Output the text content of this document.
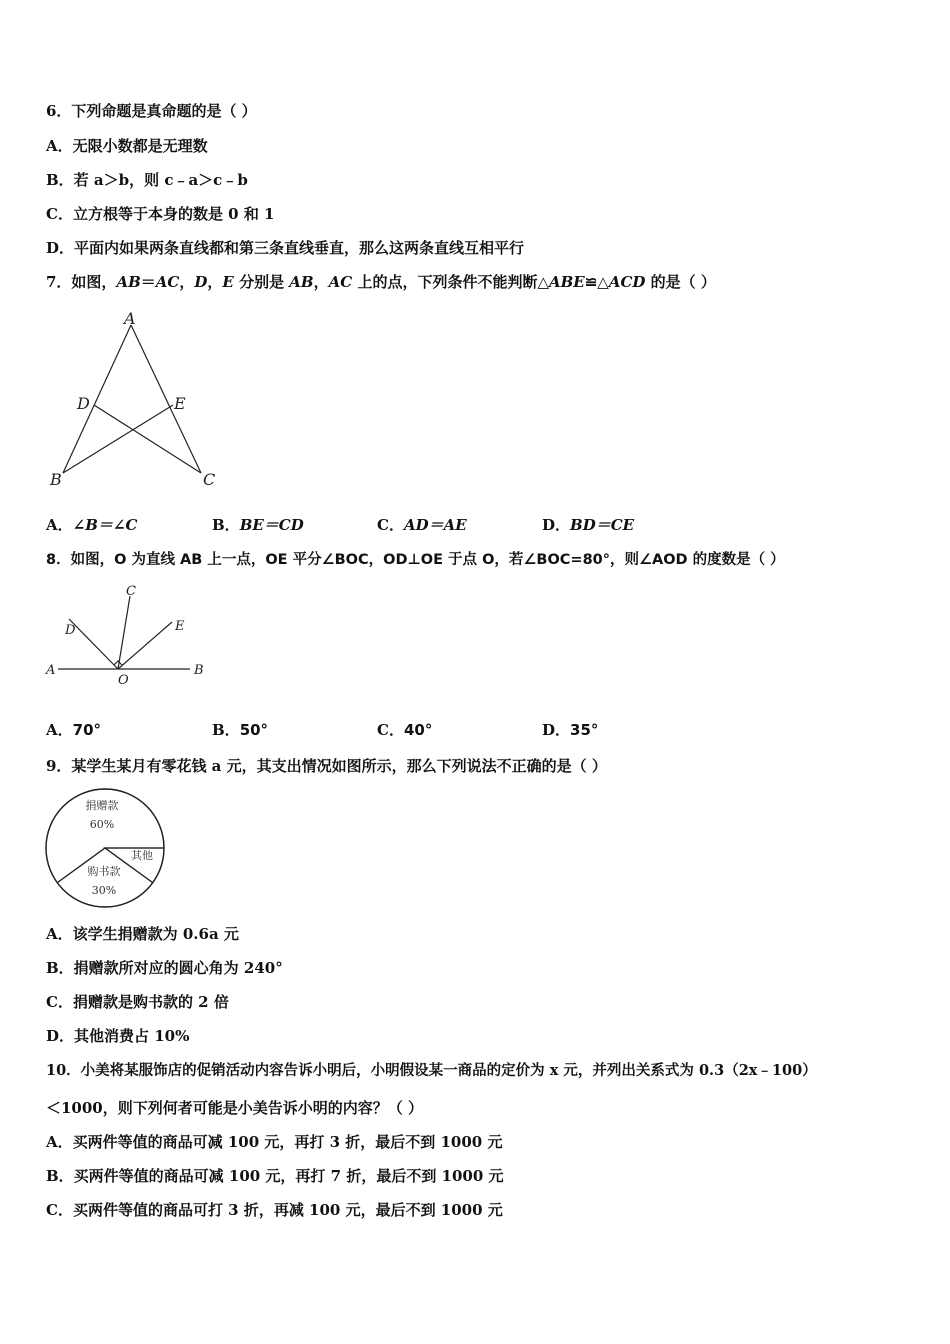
6．下列命题是真命题的是（ ）
A．无限小数都是无理数
B．若 a＞b，则 c﹣a＞c﹣b
C．立方根等于本身的数是 0 和 1
D．平面内如果两条直线都和第三条直线垂直，那么这两条直线互相平行
7．如图，AB＝AC，D，E 分别是 AB，AC 上的点，下列条件不能判断△ABE≌△ACD 的是（ ）
A
B	C
D	E
A．∠B＝∠C	B．BE＝CD	C．AD＝AE	D．BD＝CE
8．如图，O 为直线 AB 上一点，OE 平分∠BOC，OD⊥OE 于点 O，若∠BOC=80°，则∠AOD 的度数是（ ）
A	B
C
D	E
O
A．70°	B．50°	C．40°	D．35°
9．某学生某月有零花钱 a 元，其支出情况如图所示，那么下列说法不正确的是（ ）
捐赠款
60%
购书款
30%
其他
A．该学生捐赠款为 0.6a 元
B．捐赠款所对应的圆心角为 240°
C．捐赠款是购书款的 2 倍
D．其他消费占 10%
10．小美将某服饰店的促销活动内容告诉小明后，小明假设某一商品的定价为 x 元，并列出关系式为 0.3（2x﹣100）
＜1000，则下列何者可能是小美告诉小明的内容？（ ）
A．买两件等值的商品可减 100 元，再打 3 折，最后不到 1000 元
B．买两件等值的商品可减 100 元，再打 7 折，最后不到 1000 元
C．买两件等值的商品可打 3 折，再减 100 元，最后不到 1000 元
